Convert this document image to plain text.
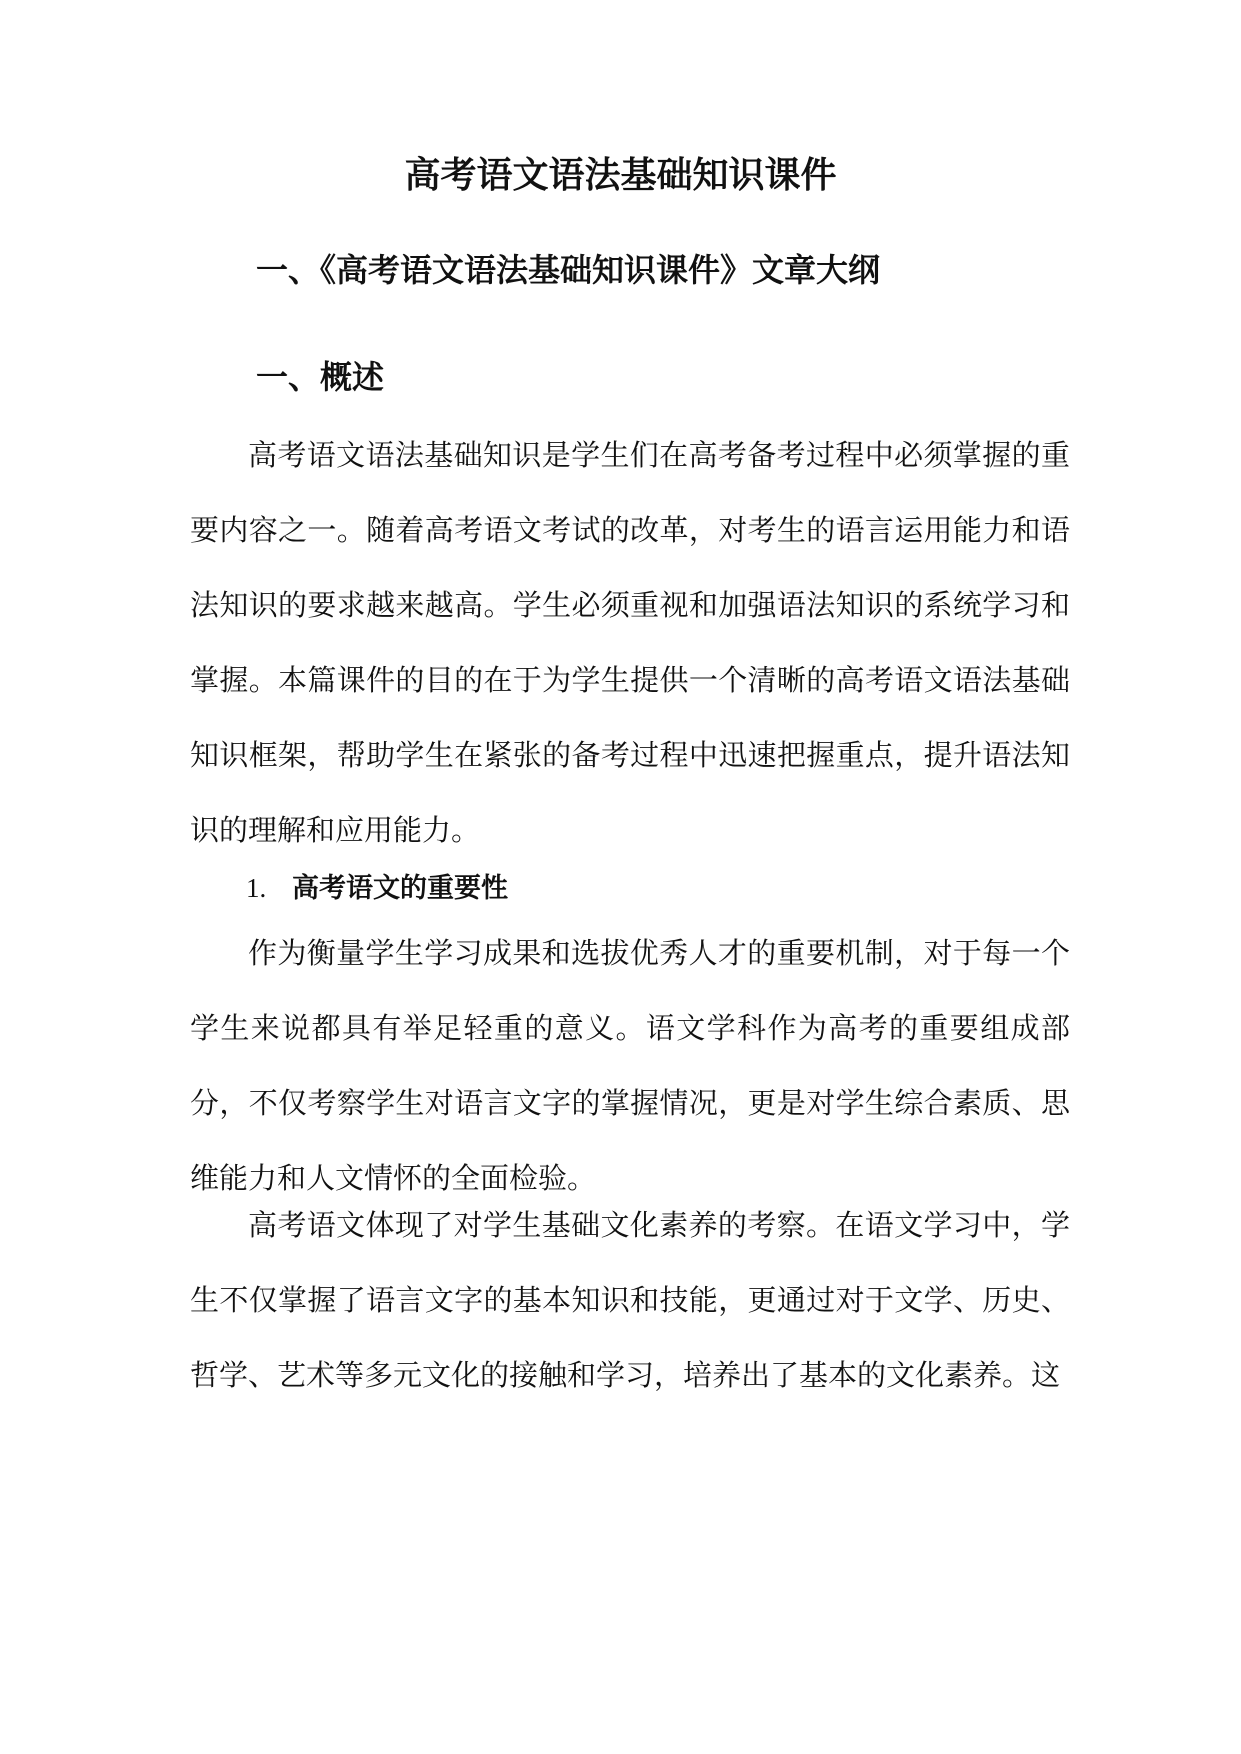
高考语文语法基础知识课件
一、《高考语文语法基础知识课件》文章大纲
一、概述

高考语文语法基础知识是学生们在高考备考过程中必须掌握的重要内容之一。随着高考语文考试的改革，对考生的语言运用能力和语法知识的要求越来越高。学生必须重视和加强语法知识的系统学习和掌握。本篇课件的目的在于为学生提供一个清晰的高考语文语法基础知识框架，帮助学生在紧张的备考过程中迅速把握重点，提升语法知识的理解和应用能力。

1. 高考语文的重要性

作为衡量学生学习成果和选拔优秀人才的重要机制，对于每一个学生来说都具有举足轻重的意义。语文学科作为高考的重要组成部分，不仅考察学生对语言文字的掌握情况，更是对学生综合素质、思维能力和人文情怀的全面检验。

高考语文体现了对学生基础文化素养的考察。在语文学习中，学生不仅掌握了语言文字的基本知识和技能，更通过对于文学、历史、哲学、艺术等多元文化的接触和学习，培养出了基本的文化素养。这
